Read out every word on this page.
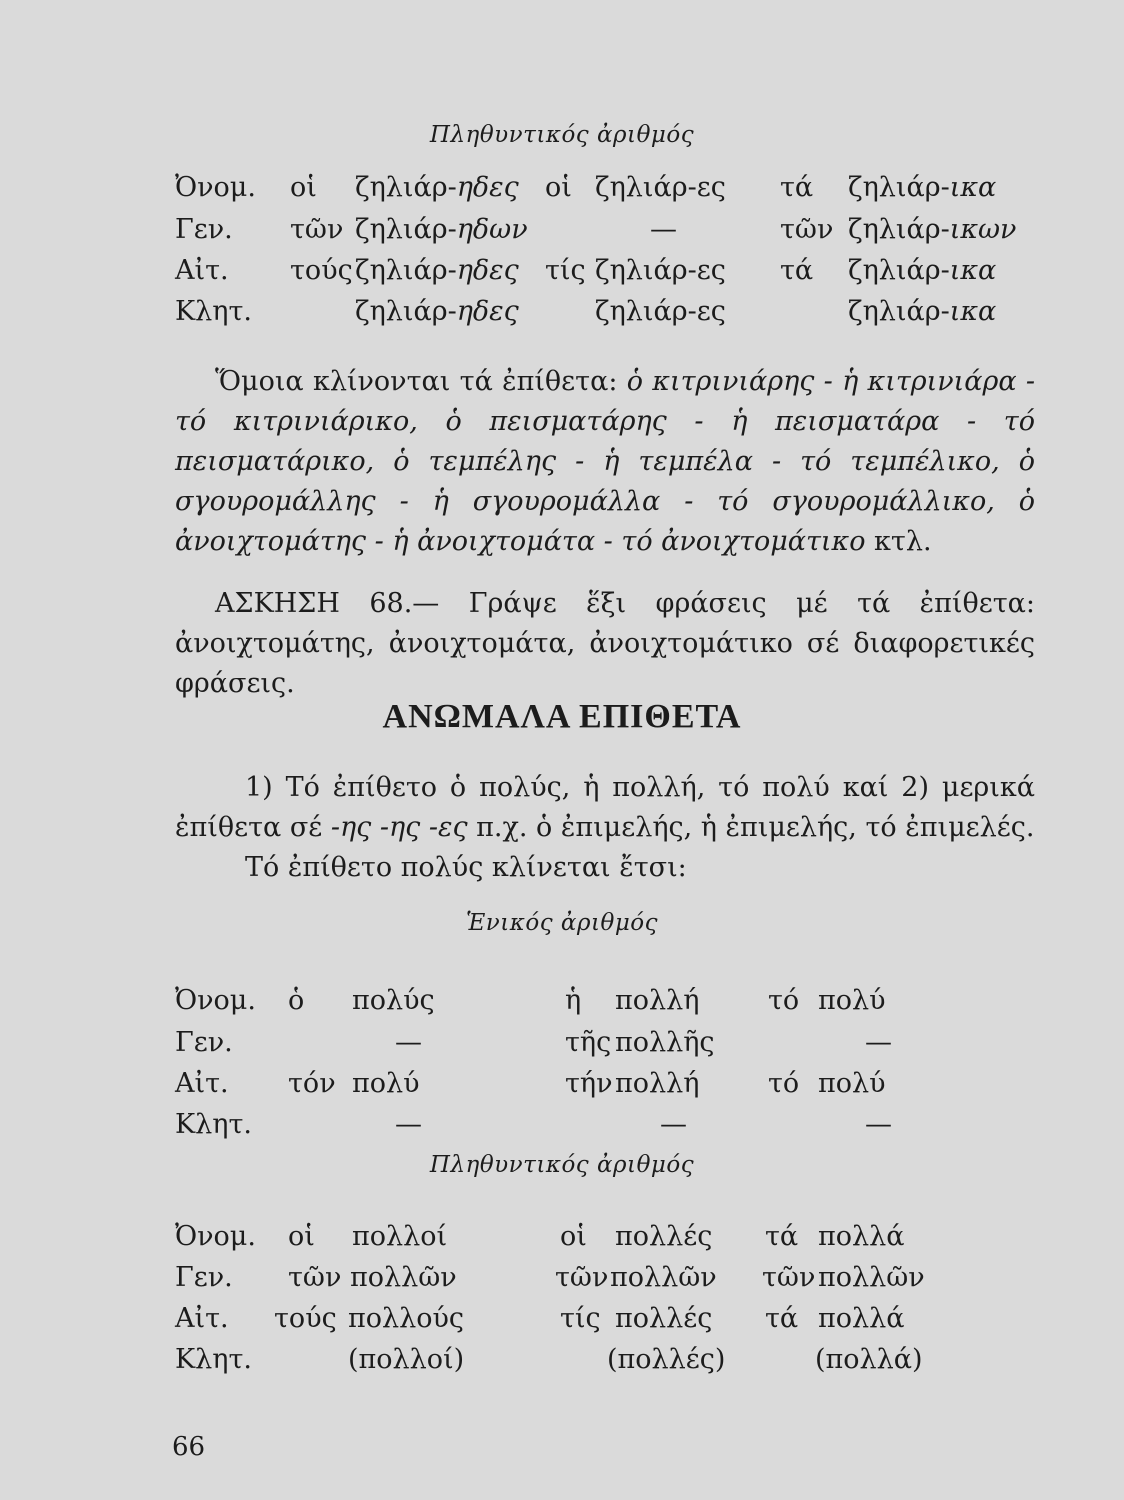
Πληθυντικός ἀριθμός
Ὀνομ. οἱ ζηλιάρ-ηδες οἱ ζηλιάρ-ες τά ζηλιάρ-ικα
Γεν. τῶν ζηλιάρ-ηδων	—	τῶν ζηλιάρ-ικων
Αἰτ. τούς ζηλιάρ-ηδες τίς ζηλιάρ-ες τά ζηλιάρ-ικα
Κλητ.	ζηλιάρ-ηδες	ζηλιάρ-ες	ζηλιάρ-ικα
Ὅμοια κλίνονται τά ἐπίθετα: ὁ κιτρινιάρης - ἡ κιτρινιάρα - τό κιτρινιάρικο, ὁ πεισματάρης - ἡ πεισματάρα - τό πεισματάρικο, ὁ τεμπέλης - ἡ τεμπέλα - τό τεμπέλικο, ὁ σγουρομάλλης - ἡ σγουρομάλλα - τό σγουρομάλλικο, ὁ ἀνοιχτομάτης - ἡ ἀνοιχτομάτα - τό ἀνοιχτομάτικο κτλ.
ΑΣΚΗΣΗ 68.— Γράψε ἕξι φράσεις μέ τά ἐπίθετα: ἀνοιχτομάτης, ἀνοιχτομάτα, ἀνοιχτομάτικο σέ διαφορετικές φράσεις.
ΑΝΩΜΑΛΑ ΕΠΙΘΕΤΑ
1) Τό ἐπίθετο ὁ πολύς, ἡ πολλή, τό πολύ καί 2) μερικά ἐπίθετα σέ -ης -ης -ες π.χ. ὁ ἐπιμελής, ἡ ἐπιμελής, τό ἐπιμελές.
Τό ἐπίθετο πολύς κλίνεται ἔτσι:
Ἑνικός ἀριθμός
Ὀνομ. ὁ πολύς	ἡ πολλή	τό πολύ
Γεν.	—	τῆς πολλῆς	—
Αἰτ. τόν πολύ	τήν πολλή	τό πολύ
Κλητ.	—	—	—
Πληθυντικός ἀριθμός
Ὀνομ. οἱ πολλοί	οἱ πολλές τά πολλά
Γεν. τῶν πολλῶν	τῶν πολλῶν τῶν πολλῶν
Αἰτ. τούς πολλούς	τίς πολλές τά πολλά
Κλητ.	(πολλοί)	(πολλές)	(πολλά)
66
